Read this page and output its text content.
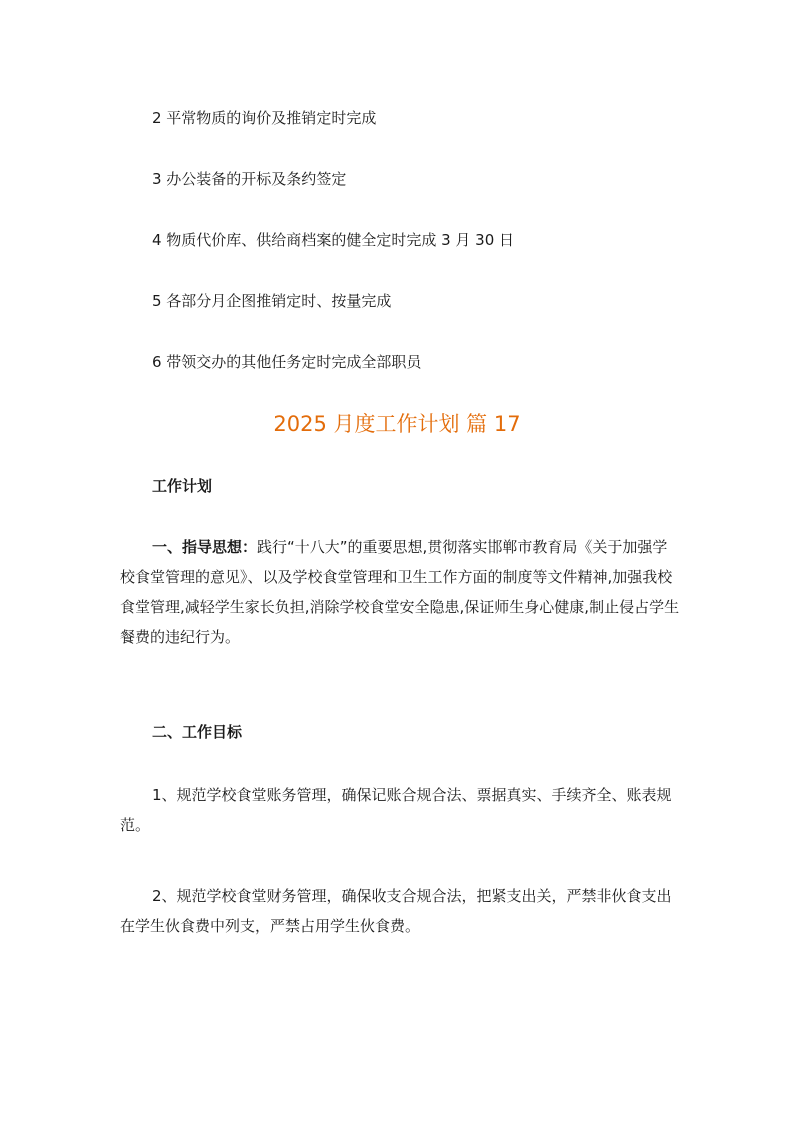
2 平常物质的询价及推销定时完成
3 办公装备的开标及条约签定
4 物质代价库、供给商档案的健全定时完成 3 月 30 日
5 各部分月企图推销定时、按量完成
6 带领交办的其他任务定时完成全部职员
2025 月度工作计划 篇 17
工作计划
一、指导思想：践行“十八大”的重要思想,贯彻落实邯郸市教育局《关于加强学校食堂管理的意见》、以及学校食堂管理和卫生工作方面的制度等文件精神,加强我校食堂管理,减轻学生家长负担,消除学校食堂安全隐患,保证师生身心健康,制止侵占学生餐费的违纪行为。
二、工作目标
1、规范学校食堂账务管理，确保记账合规合法、票据真实、手续齐全、账表规范。
2、规范学校食堂财务管理，确保收支合规合法，把紧支出关，严禁非伙食支出在学生伙食费中列支，严禁占用学生伙食费。
